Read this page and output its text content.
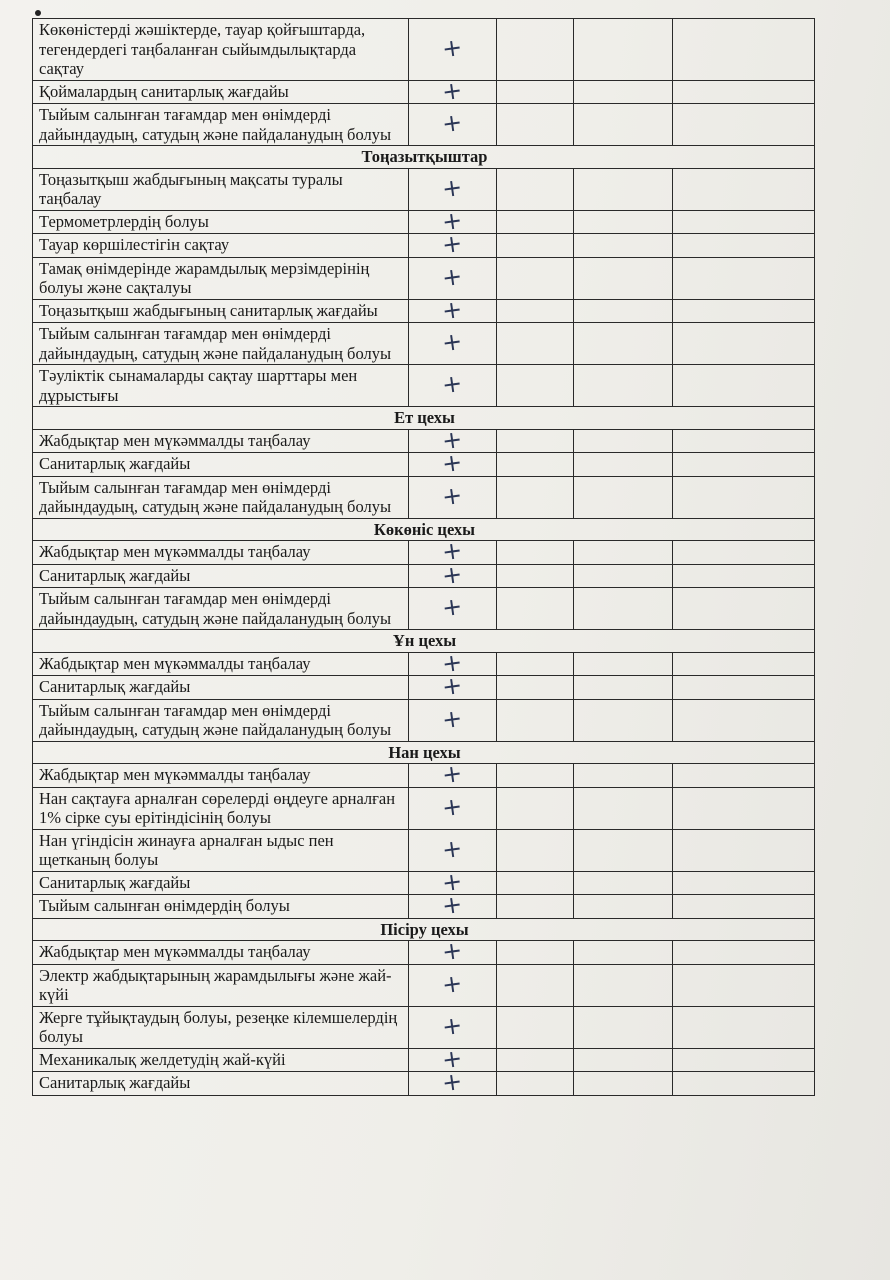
Көкөністерді жәшіктерде, тауар қойғыштарда, тегендердегі таңбаланған сыйымдылықтарда сақтау	+			
Қоймалардың санитарлық жағдайы	+			
Тыйым салынған тағамдар мен өнімдерді дайындаудың, сатудың және пайдаланудың болуы	+			
Тоңазытқыштар				
Тоңазытқыш жабдығының мақсаты туралы таңбалау	+			
Термометрлердің болуы	+			
Тауар көршілестігін сақтау	+			
Тамақ өнімдерінде жарамдылық мерзімдерінің болуы және сақталуы	+			
Тоңазытқыш жабдығының санитарлық жағдайы	+			
Тыйым салынған тағамдар мен өнімдерді дайындаудың, сатудың және пайдаланудың болуы	+			
Тәуліктік сынамаларды сақтау шарттары мен дұрыстығы	+			
Ет цехы				
Жабдықтар мен мүкәммалды таңбалау	+			
Санитарлық жағдайы	+			
Тыйым салынған тағамдар мен өнімдерді дайындаудың, сатудың және пайдаланудың болуы	+			
Көкөніс цехы				
Жабдықтар мен мүкәммалды таңбалау	+			
Санитарлық жағдайы	+			
Тыйым салынған тағамдар мен өнімдерді дайындаудың, сатудың және пайдаланудың болуы	+			
Ұн цехы				
Жабдықтар мен мүкәммалды таңбалау	+			
Санитарлық жағдайы	+			
Тыйым салынған тағамдар мен өнімдерді дайындаудың, сатудың және пайдаланудың болуы	+			
Нан цехы				
Жабдықтар мен мүкәммалды таңбалау	+			
Нан сақтауға арналған сөрелерді өңдеуге арналған 1% сірке суы ерітіндісінің болуы	+			
Нан үгіндісін жинауға арналған ыдыс пен щетканың болуы	+			
Санитарлық жағдайы	+			
Тыйым салынған өнімдердің болуы	+			
Пісіру цехы				
Жабдықтар мен мүкәммалды таңбалау	+			
Электр жабдықтарының жарамдылығы және жай-күйі	+			
Жерге тұйықтаудың болуы, резеңке кілемшелердің болуы	+			
Механикалық желдетудің жай-күйі	+			
Санитарлық жағдайы	+			
